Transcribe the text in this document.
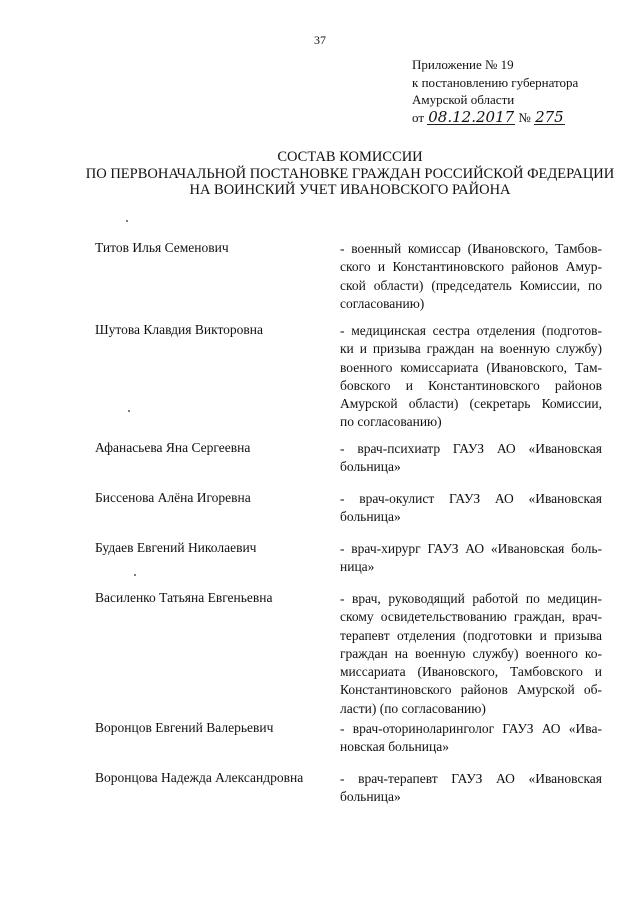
37
Приложение № 19
к постановлению губернатора
Амурской области
от 08.12.2017 № 275
СОСТАВ КОМИССИИ
ПО ПЕРВОНАЧАЛЬНОЙ ПОСТАНОВКЕ ГРАЖДАН РОССИЙСКОЙ ФЕДЕРАЦИИ
НА ВОИНСКИЙ УЧЕТ ИВАНОВСКОГО РАЙОНА
Титов Илья Семенович	- военный комиссар (Ивановского, Тамбов-
ского и Константиновского районов Амур-
ской области) (председатель Комиссии, по
согласованию)
Шутова Клавдия Викторовна	- медицинская сестра отделения (подготов-
ки и призыва граждан на военную службу)
военного комиссариата (Ивановского, Там-
бовского и Константиновского районов
Амурской области) (секретарь Комиссии,
по согласованию)
Афанасьева Яна Сергеевна	- врач-психиатр ГАУЗ АО «Ивановская
больница»
Биссенова Алёна Игоревна	- врач-окулист ГАУЗ АО «Ивановская
больница»
Будаев Евгений Николаевич	- врач-хирург ГАУЗ АО «Ивановская боль-
ница»
Василенко Татьяна Евгеньевна	- врач, руководящий работой по медицин-
скому освидетельствованию граждан, врач-
терапевт отделения (подготовки и призыва
граждан на военную службу) военного ко-
миссариата (Ивановского, Тамбовского и
Константиновского районов Амурской об-
ласти) (по согласованию)
Воронцов Евгений Валерьевич	- врач-оториноларинголог ГАУЗ АО «Ива-
новская больница»
Воронцова Надежда Александровна	- врач-терапевт ГАУЗ АО «Ивановская
больница»
